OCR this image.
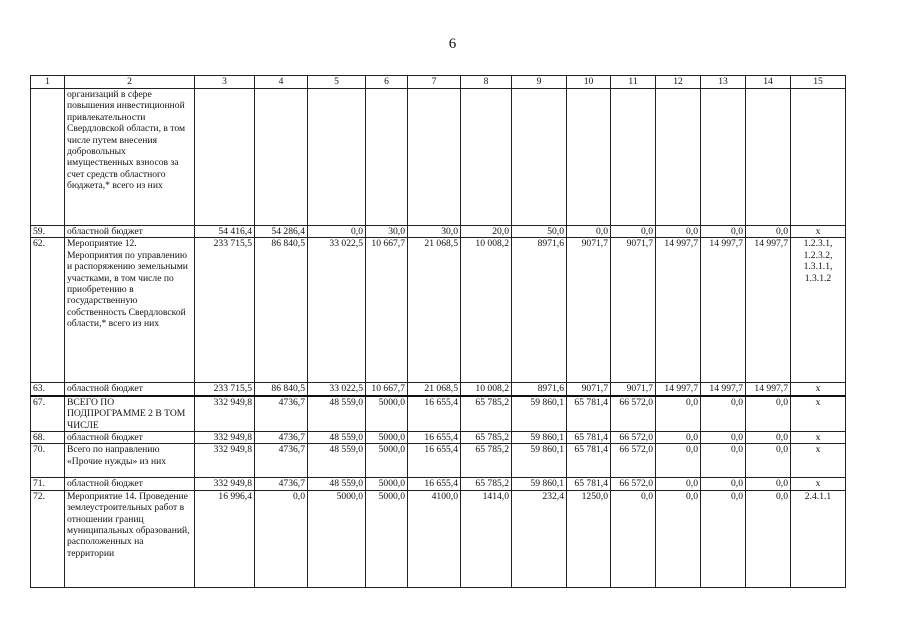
6
1	2	3	4	5	6	7	8	9	10	11	12	13	14	15
	организаций в сфере повышения инвестиционной привлекательности Свердловской области, в том числе путем внесения добровольных имущественных взносов за счет средств областного бюджета,* всего из них													
59.	областной бюджет	54 416,4	54 286,4	0,0	30,0	30,0	20,0	50,0	0,0	0,0	0,0	0,0	0,0	x
62.	Мероприятие 12. Мероприятия по управлению и распоряжению земельными участками, в том числе по приобретению в государственную собственность Свердловской области,* всего из них	233 715,5	86 840,5	33 022,5	10 667,7	21 068,5	10 008,2	8971,6	9071,7	9071,7	14 997,7	14 997,7	14 997,7	1.2.3.1, 1.2.3.2, 1.3.1.1, 1.3.1.2
63.	областной бюджет	233 715,5	86 840,5	33 022,5	10 667,7	21 068,5	10 008,2	8971,6	9071,7	9071,7	14 997,7	14 997,7	14 997,7	x
67.	ВСЕГО ПО ПОДПРОГРАММЕ 2 В ТОМ ЧИСЛЕ	332 949,8	4736,7	48 559,0	5000,0	16 655,4	65 785,2	59 860,1	65 781,4	66 572,0	0,0	0,0	0,0	x
68.	областной бюджет	332 949,8	4736,7	48 559,0	5000,0	16 655,4	65 785,2	59 860,1	65 781,4	66 572,0	0,0	0,0	0,0	x
70.	Всего по направлению «Прочие нужды» из них	332 949,8	4736,7	48 559,0	5000,0	16 655,4	65 785,2	59 860,1	65 781,4	66 572,0	0,0	0,0	0,0	x
71.	областной бюджет	332 949,8	4736,7	48 559,0	5000,0	16 655,4	65 785,2	59 860,1	65 781,4	66 572,0	0,0	0,0	0,0	x
72.	Мероприятие 14. Проведение землеустроительных работ в отношении границ муниципальных образований, расположенных на территории	16 996,4	0,0	5000,0	5000,0	4100,0	1414,0	232,4	1250,0	0,0	0,0	0,0	0,0	2.4.1.1
